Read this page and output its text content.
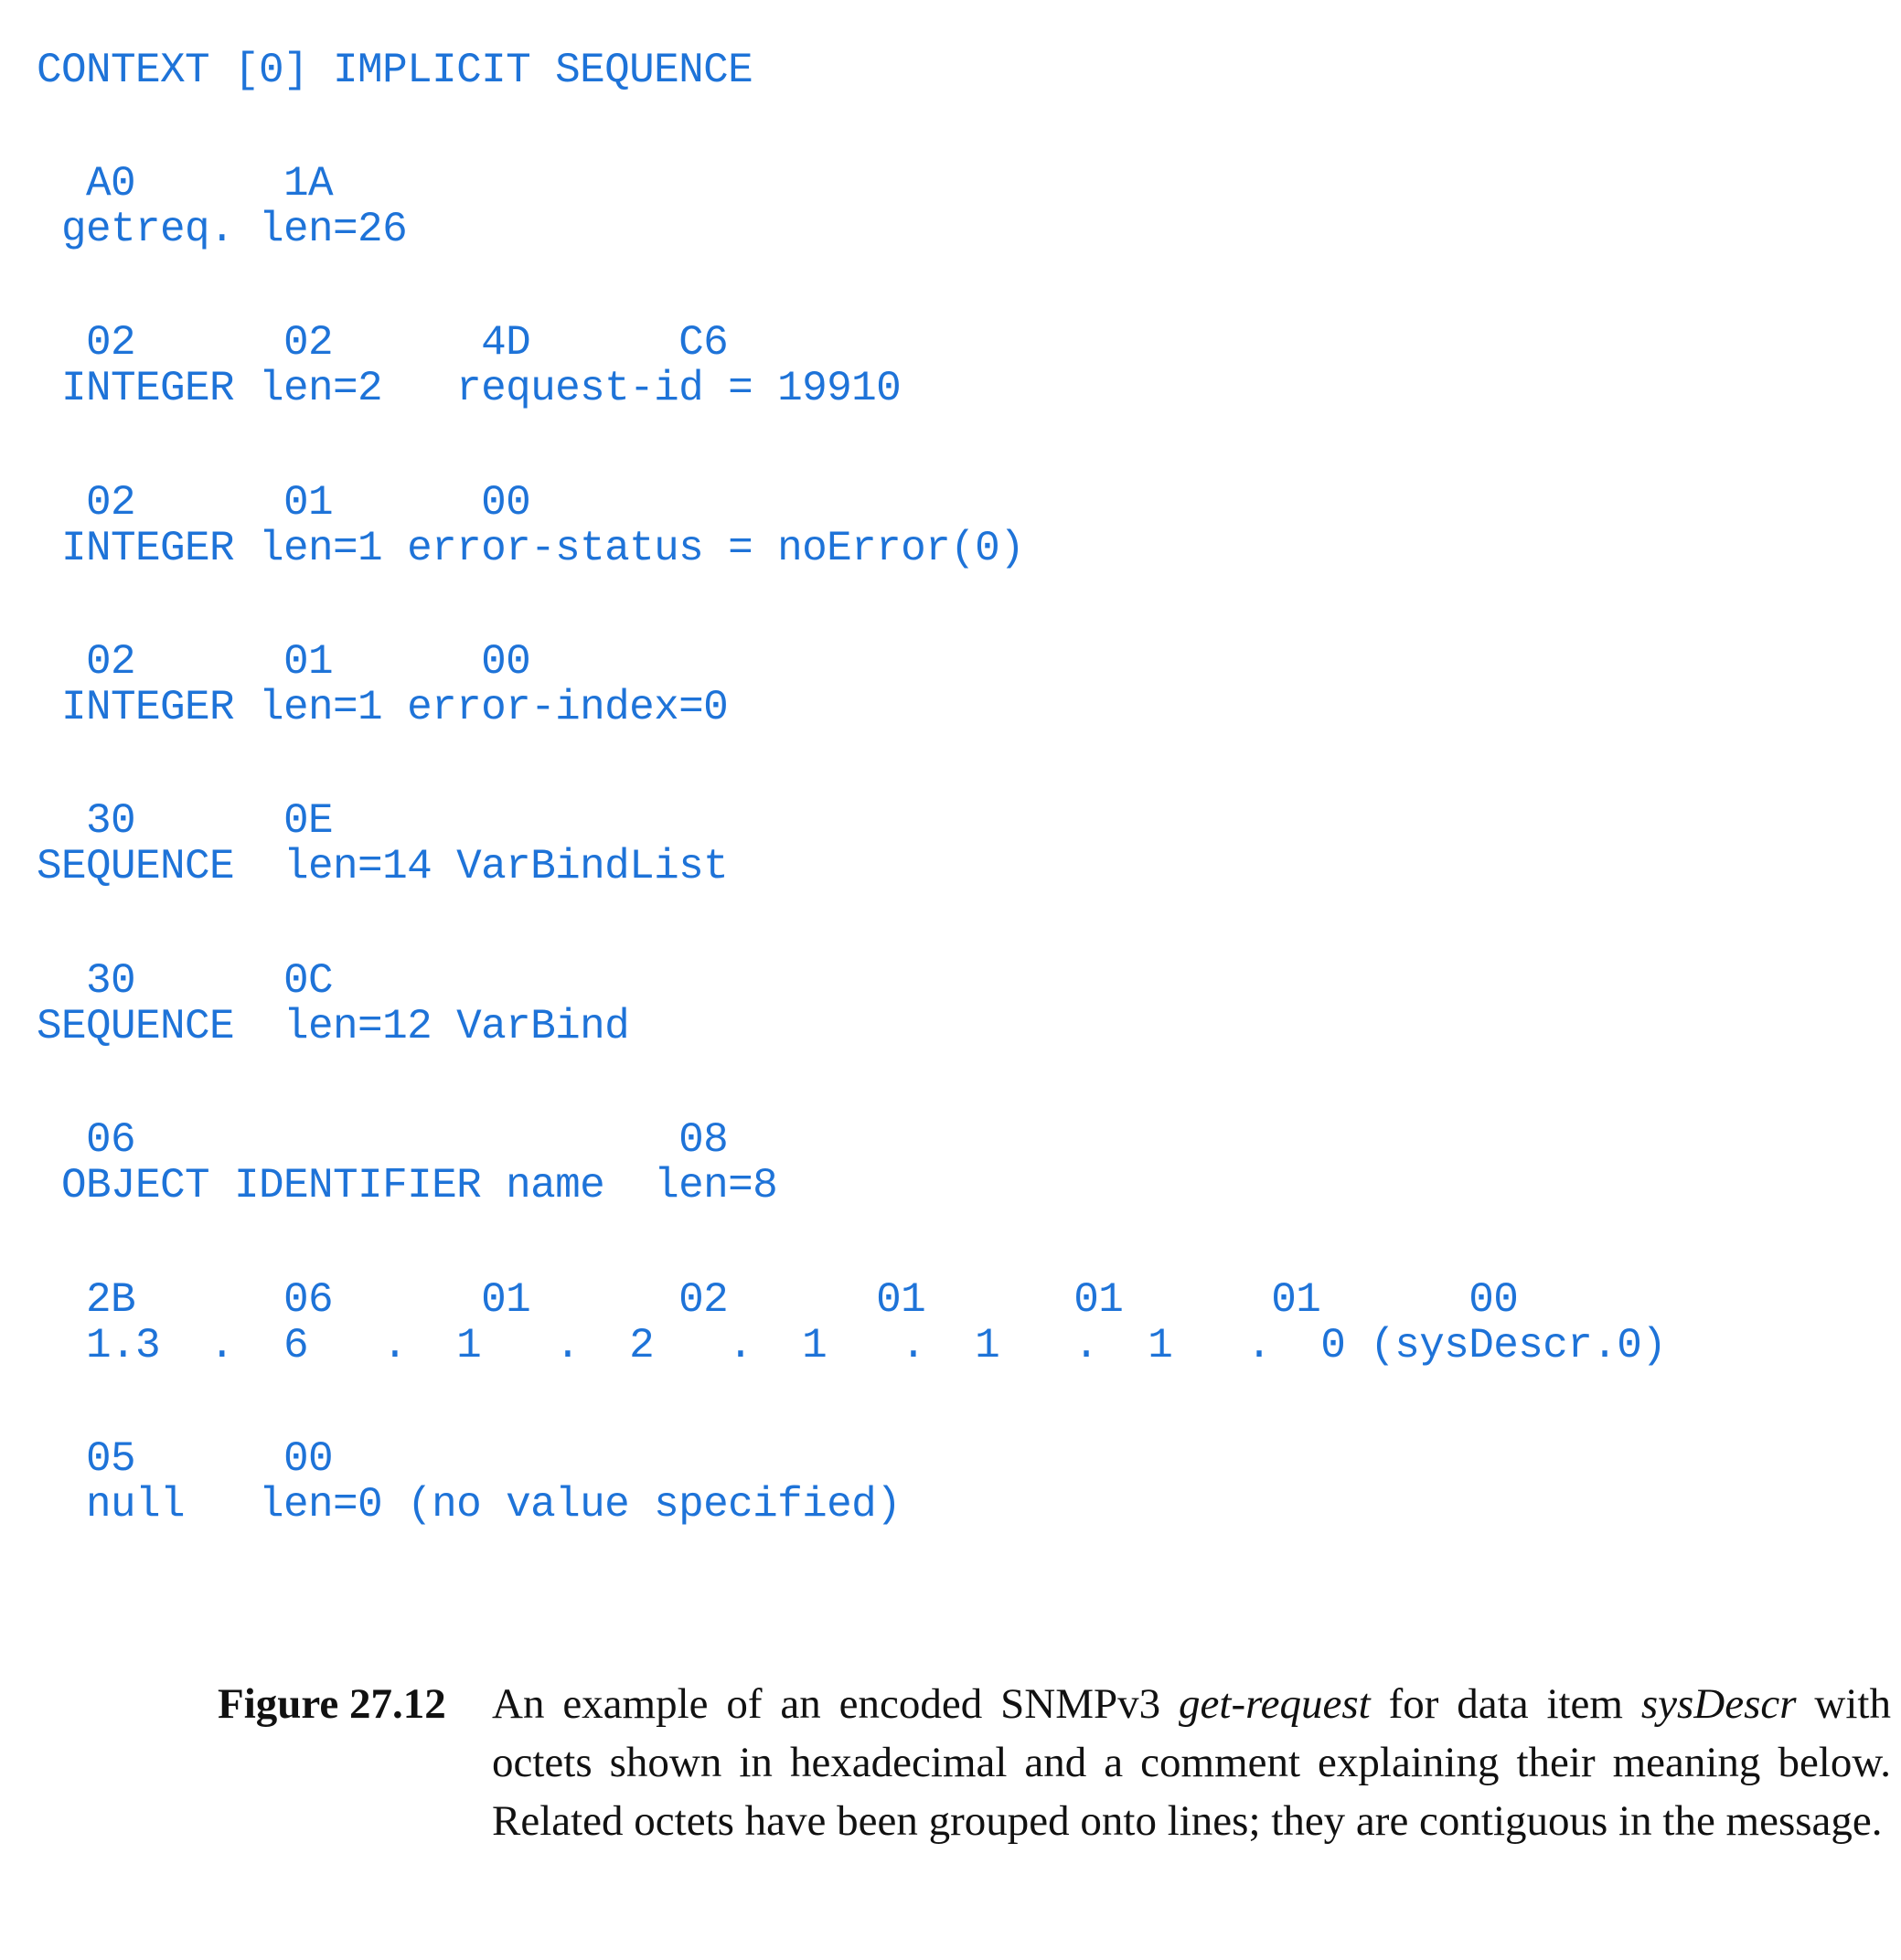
CONTEXT [0] IMPLICIT SEQUENCE
A0      1A
getreq. len=26
02      02      4D      C6
INTEGER len=2   request-id = 19910
02      01      00
INTEGER len=1 error-status = noError(0)
02      01      00
INTEGER len=1 error-index=0
30      0E
SEQUENCE  len=14 VarBindList
30      0C
SEQUENCE  len=12 VarBind
06                      08
OBJECT IDENTIFIER name  len=8
2B      06      01      02      01      01      01      00
1.3  .  6   .  1   .  2   .  1   .  1   .  1   .  0 (sysDescr.0)
05      00
null   len=0 (no value specified)
Figure 27.12 An example of an encoded SNMPv3 get-request for data item sysDescr with octets shown in hexadecimal and a comment explaining their meaning below. Related octets have been grouped onto lines; they are contiguous in the message.
